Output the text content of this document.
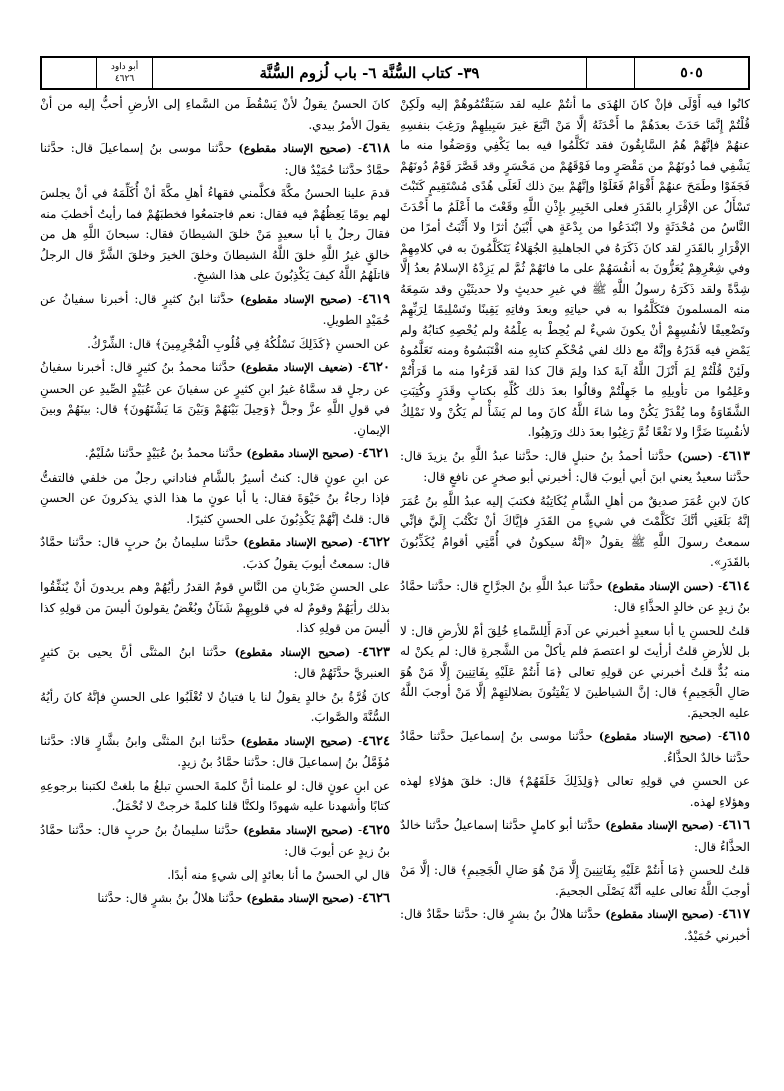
٥٠٥
٣٩- كتاب السُّنَّة ٦- باب لُزوم السُّنَّة
أبو داود
٤٦٢٦

كانُوا فيه أَوْلَى فإنْ كانَ الهُدَى ما أنتُمْ عليه لقد سَبَقْتُمُوهُمْ إليه ولَكِنْ قُلْتُمْ إِنَّمَا حَدَثَ بعدَهُمْ ما أَحْدَثَهُ إلَّا مَنْ اتَّبَعَ غيرَ سَبِيلِهِمْ ورَغِبَ بنفسِهِ عنهُمْ فإنَّهُمْ هُمُ السَّابِقُونَ فقد تَكَلَّمُوا فيه بما يَكْفِي ووَصَفُوا منه ما يَشْفِي فما دُونَهُمْ من مَقْصَرٍ وما فَوْقَهُمْ من مَحْسَرٍ وقد قَصَّرَ قَوْمٌ دُونَهُمْ فَجَفَوْا وطَمَحَ عنهُمْ أَقْوَامٌ فَغَلَوْا وإنَّهُمْ بينَ ذلك لَعَلَى هُدًى مُسْتَقِيمٍ كَتَبْتَ تَسْأَلُ عن الإقْرَارِ بالقَدَرِ فعلى الخَبِيرِ بإِذْنِ اللَّهِ وقَعْتَ ما أَعْلَمُ ما أَحْدَثَ النَّاسُ من مُحْدَثَةٍ ولا ابْتَدَعُوا من بِدْعَةٍ هي أَبْيَنُ أثرًا ولا أَثْبَتُ أمرًا من الإقْرَارِ بالقَدَرِ لقد كانَ ذَكَرَهُ في الجاهليةِ الجُهَلاءُ يَتَكَلَّمُونَ به في كلامِهِمْ وفي شِعْرِهِمْ يُعَزُّونَ به أنفُسَهُمْ على ما فاتَهُمْ ثُمَّ لم يَزِدْهُ الإسلامُ بعدُ إلَّا شِدَّةً ولقد ذَكَرَهُ رسولُ اللَّهِ ﷺ في غيرِ حديثٍ ولا حديثَيْنِ وقد سَمِعَهُ منه المسلمونَ فتَكَلَّمُوا به في حياتِهِ وبعدَ وفاتِهِ يَقِينًا وتَسْلِيمًا لِرَبِّهِمْ وتَضْعِيفًا لأنفُسِهِمْ أنْ يكونَ شيءٌ لم يُحِطْ به عِلْمُهُ ولم يُحْصِهِ كتابُهُ ولم يَمْضِ فيه قَدَرُهُ وإنَّهُ مع ذلك لفي مُحْكَمِ كتابِهِ منه اقْتَبَسُوهُ ومنه تَعَلَّمُوهُ ولَئِنْ قُلْتُمْ لِمَ أَنْزَلَ اللَّهُ آيةَ كذا ولِمَ قالَ كذا لقد قَرَءُوا منه ما قَرَأْتُمْ وعَلِمُوا من تأويلِهِ ما جَهِلْتُمْ وقالُوا بعدَ ذلك كُلِّهِ بكتابٍ وقَدَرٍ وكُتِبَتِ الشَّقَاوَةُ وما يُقْدَرْ يَكُنْ وما شاءَ اللَّهُ كانَ وما لم يَشَأْ لم يَكُنْ ولا نَمْلِكُ لأنفُسِنَا ضَرًّا ولا نَفْعًا ثُمَّ رَغِبُوا بعدَ ذلك ورَهِبُوا.

٤٦١٣- (حسن) حدَّثنا أحمدُ بنُ حنبلٍ قال: حدَّثنا عبدُ اللَّهِ بنُ يزيدَ قال: حدَّثنا سعيدٌ يعني ابنَ أبي أيوبَ قال: أخبرني أبو صخرٍ عن نافعٍ قال:

كانَ لابنِ عُمَرَ صديقٌ من أهلِ الشَّامِ يُكَاتِبُهُ فكتبَ إليه عبدُ اللَّهِ بنُ عُمَرَ إنَّهُ بَلَغَنِي أنَّكَ تَكَلَّمْتَ في شيءٍ من القَدَرِ فإيَّاكَ أنْ تَكْتُبَ إِلَيَّ فإنِّي سمعتُ رسولَ اللَّهِ ﷺ يقولُ «إنَّهُ سيكونُ في أُمَّتِي أقوامٌ يُكَذِّبُونَ بالقَدَرِ».

٤٦١٤- (حسن الإسناد مقطوع) حدَّثنا عبدُ اللَّهِ بنُ الجرَّاحِ قال: حدَّثنا حمَّادُ بنُ زيدٍ عن خالدٍ الحذَّاءِ قال:

قلتُ للحسنِ يا أبا سعيدٍ أخبرني عن آدمَ أَلِلسَّماءِ خُلِقَ أمْ للأرضِ قال: لا بل للأرضِ قلتُ أرأيتَ لو اعتصمَ فلم يأكلْ من الشَّجرةِ قال: لم يكنْ له منه بُدٌّ قلتُ أخبرني عن قولِهِ تعالى ﴿مَا أَنتُمْ عَلَيْهِ بِفَاتِنِينَ إِلَّا مَنْ هُوَ صَالِ الْجَحِيمِ﴾ قال: إنَّ الشياطينَ لا يَفْتِنُونَ بضلالتِهِمْ إلَّا مَنْ أوجبَ اللَّهُ عليه الجحيمَ.

٤٦١٥- (صحيح الإسناد مقطوع) حدَّثنا موسى بنُ إسماعيلَ حدَّثنا حمَّادٌ حدَّثنا خالدٌ الحذَّاءُ.

عن الحسنِ في قولِهِ تعالى ﴿وَلِذَلِكَ خَلَقَهُمْ﴾ قال: خلقَ هؤلاءِ لهذه وهؤلاءِ لهذه.

٤٦١٦- (صحيح الإسناد مقطوع) حدَّثنا أبو كاملٍ حدَّثنا إسماعيلُ حدَّثنا خالدٌ الحذَّاءُ قال:

قلتُ للحسنِ ﴿مَا أَنتُمْ عَلَيْهِ بِفَاتِنِينَ إِلَّا مَنْ هُوَ صَالِ الْجَحِيمِ﴾ قال: إلَّا مَنْ أوجبَ اللَّهُ تعالى عليه أنَّهُ يَصْلَى الجحيمَ.

٤٦١٧- (صحيح الإسناد مقطوع) حدَّثنا هلالُ بنُ بشرٍ قال: حدَّثنا حمَّادٌ قال: أخبرني حُمَيْدٌ.

كانَ الحسنُ يقولُ لأنْ يَسْقُطَ من السَّماءِ إلى الأرضِ أحبُّ إليه من أنْ يقولَ الأمرُ بيدي.

٤٦١٨- (صحيح الإسناد مقطوع) حدَّثنا موسى بنُ إسماعيلَ قال: حدَّثنا حمَّادٌ حدَّثنا حُمَيْدٌ قال:

قدمَ علينا الحسنُ مكَّةَ فكلَّمني فقهاءُ أهلِ مكَّةَ أنْ أُكَلِّمَهُ في أنْ يجلسَ لهم يومًا يَعِظُهُمْ فيه فقال: نعم فاجتمعُوا فخطبَهُمْ فما رأيتُ أخطبَ منه فقالَ رجلٌ يا أبا سعيدٍ مَنْ خلقَ الشيطانَ فقال: سبحانَ اللَّهِ هل من خالقٍ غيرُ اللَّهِ خلقَ اللَّهُ الشيطانَ وخلقَ الخيرَ وخلقَ الشَّرَّ قال الرجلُ قاتلَهُمُ اللَّهُ كيفَ يَكْذِبُونَ على هذا الشيخِ.

٤٦١٩- (صحيح الإسناد مقطوع) حدَّثنا ابنُ كثيرٍ قال: أخبرنا سفيانُ عن حُمَيْدٍ الطويلِ.

عن الحسنِ ﴿كَذَلِكَ نَسْلُكُهُ فِي قُلُوبِ الْمُجْرِمِينَ﴾ قال: الشِّرْكُ.

٤٦٢٠- (ضعيف الإسناد مقطوع) حدَّثنا محمدُ بنُ كثيرٍ قال: أخبرنا سفيانُ عن رجلٍ قد سمَّاهُ غيرُ ابنِ كثيرٍ عن سفيانَ عن عُبَيْدٍ الصِّيدِ عن الحسنِ في قولِ اللَّهِ عزَّ وجلَّ ﴿وَحِيلَ بَيْنَهُمْ وَبَيْنَ مَا يَشْتَهُونَ﴾ قال: بينَهُمْ وبينَ الإيمانِ.

٤٦٢١- (صحيح الإسناد مقطوع) حدَّثنا محمدُ بنُ عُبَيْدٍ حدَّثنا سُلَيْمٌ.

عن ابنِ عونٍ قال: كنتُ أسيرُ بالشَّامِ فناداني رجلٌ من خلفي فالتفتُّ فإذا رجاءُ بنُ حَيْوَةَ فقال: يا أبا عونٍ ما هذا الذي يذكرونَ عن الحسنِ قال: قلتُ إنَّهُمْ يَكْذِبُونَ على الحسنِ كثيرًا.

٤٦٢٢- (صحيح الإسناد مقطوع) حدَّثنا سليمانُ بنُ حربٍ قال: حدَّثنا حمَّادٌ قال: سمعتُ أيوبَ يقولُ كذبَ.

على الحسنِ ضَرْبانِ من النَّاسِ قومٌ القدرُ رأيُهُمْ وهم يريدونَ أنْ يُنَفِّقُوا بذلك رأيَهُمْ وقومٌ له في قلوبِهِمْ شَنَآنٌ وبُغْضٌ يقولونَ أليسَ من قولِهِ كذا أليسَ من قولِهِ كذا.

٤٦٢٣- (صحيح الإسناد مقطوع) حدَّثنا ابنُ المثنَّى أنَّ يحيى بنَ كثيرٍ العنبريَّ حدَّثَهُمْ قال:

كانَ قُرَّةُ بنُ خالدٍ يقولُ لنا يا فتيانُ لا تُغْلَبُوا على الحسنِ فإنَّهُ كانَ رأيُهُ السُّنَّةَ والصَّوابَ.

٤٦٢٤- (صحيح الإسناد مقطوع) حدَّثنا ابنُ المثنَّى وابنُ بشَّارٍ قالا: حدَّثنا مُؤَمَّلُ بنُ إسماعيلَ قال: حدَّثنا حمَّادُ بنُ زيدٍ.

عن ابنِ عونٍ قال: لو علمنا أنَّ كلمةَ الحسنِ تبلغُ ما بلغتْ لكتبنا برجوعِهِ كتابًا وأشهدنا عليه شهودًا ولكنَّا قلنا كلمةً خرجتْ لا تُحْمَلُ.

٤٦٢٥- (صحيح الإسناد مقطوع) حدَّثنا سليمانُ بنُ حربٍ قال: حدَّثنا حمَّادُ بنُ زيدٍ عن أيوبَ قال:

قال لي الحسنُ ما أنا بعائدٍ إلى شيءٍ منه أبدًا.

٤٦٢٦- (صحيح الإسناد مقطوع) حدَّثنا هلالُ بنُ بشرٍ قال: حدَّثنا
